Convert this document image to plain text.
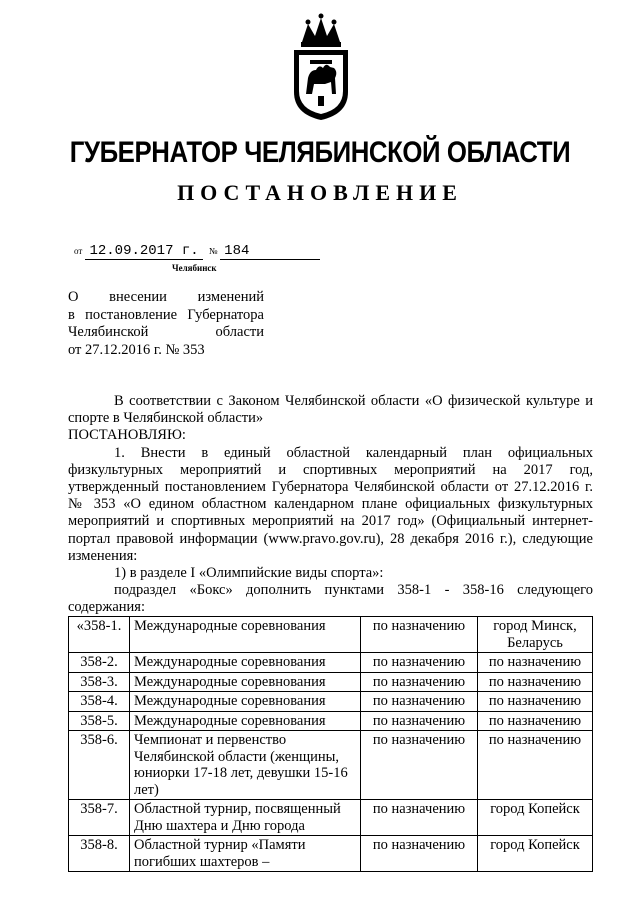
ГУБЕРНАТОР ЧЕЛЯБИНСКОЙ ОБЛАСТИ
ПОСТАНОВЛЕНИЕ
от 12.09.2017 г. № 184
Челябинск
О внесении изменений
в постановление Губернатора
Челябинской области
от 27.12.2016 г. № 353

В соответствии с Законом Челябинской области «О физической культуре и спорте в Челябинской области»

ПОСТАНОВЛЯЮ:

1. Внести в единый областной календарный план официальных физкультурных мероприятий и спортивных мероприятий на 2017 год, утвержденный постановлением Губернатора Челябинской области от 27.12.2016 г. № 353 «О едином областном календарном плане официальных физкультурных мероприятий и спортивных мероприятий на 2017 год» (Официальный интернет-портал правовой информации (www.pravo.gov.ru), 28 декабря 2016 г.), следующие изменения:

1) в разделе I «Олимпийские виды спорта»:

подраздел «Бокс» дополнить пунктами 358-1 - 358-16 следующего содержания:

«358-1.	Международные соревнования	по назначению	город Минск, Беларусь
358-2.	Международные соревнования	по назначению	по назначению
358-3.	Международные соревнования	по назначению	по назначению
358-4.	Международные соревнования	по назначению	по назначению
358-5.	Международные соревнования	по назначению	по назначению
358-6.	Чемпионат и первенство Челябинской области (женщины, юниорки 17-18 лет, девушки 15-16 лет)	по назначению	по назначению
358-7.	Областной турнир, посвященный Дню шахтера и Дню города	по назначению	город Копейск
358-8.	Областной турнир «Памяти погибших шахтеров –	по назначению	город Копейск
